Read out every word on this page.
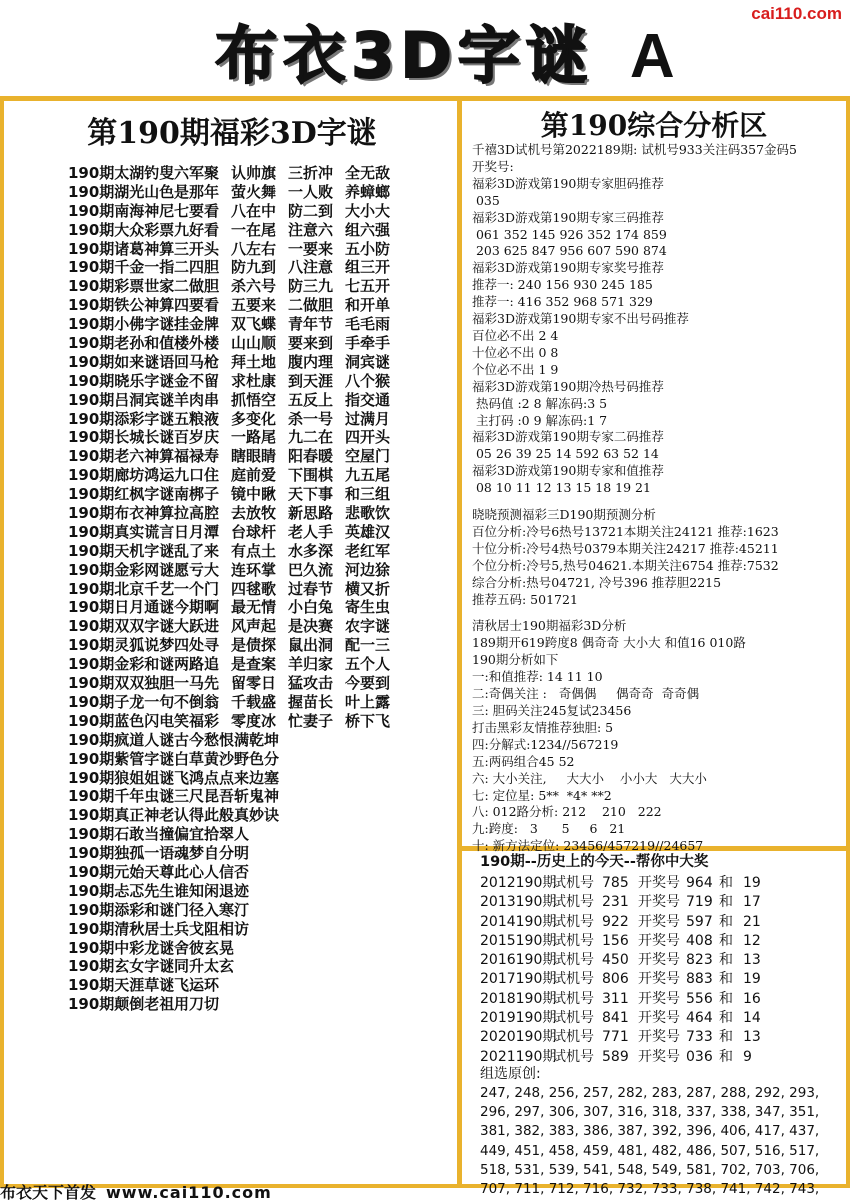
cai110.com
布衣3D字谜 A
第190期福彩3D字谜	第190综合分析区
190期太湖钓叟六军聚 认帅旗 三折冲 全无敌
190期湖光山色是那年 萤火舞 一人败 养蟑螂
190期南海神尼七要看 八在中 防二到 大小大
190期大众彩票九好看 一在尾 注意六 组六强
190期诸葛神算三开头 八左右 一要来 五小防
190期千金一指二四胆 防九到 八注意 组三开
190期彩票世家二做胆 杀六号 防三九 七五开
190期铁公神算四要看 五要来 二做胆 和开单
190期小佛字谜挂金牌 双飞蝶 青年节 毛毛雨
190期老孙和值楼外楼 山山顺 要来到 手牵手
190期如来谜语回马枪 拜土地 腹内理 洞宾谜
190期晓乐字谜金不留 求杜康 到天涯 八个猴
190期吕洞宾谜羊肉串 抓悟空 五反上 指交通
190期添彩字谜五粮液 多变化 杀一号 过满月
190期长城长谜百岁庆 一路尾 九二在 四开头
190期老六神算福禄寿 瞎眼睛 阳春暖 空屋门
190期廊坊鸿运九口住 庭前爱 下围棋 九五尾
190期红枫字谜南梆子 镜中瞅 天下事 和三组
190期布衣神算拉高腔 去放牧 新思路 悲歌饮
190期真实谎言日月潭 台球杆 老人手 英雄汉
190期天机字谜乱了来 有点土 水多深 老红军
190期金彩网谜愿亏大 连环掌 巴久流 河边狳
190期北京千艺一个门 四毬歌 过春节 横又折
190期日月通谜今期啊 最无情 小白兔 寄生虫
190期双双字谜大跃进 风声起 是决赛 农字谜
190期灵狐说梦四处寻 是债探 鼠出洞 配一三
190期金彩和谜两路追 是查案 羊归家 五个人
190期双双独胆一马先 留零日 猛攻击 今要到
190期子龙一句不倒翁 千载盛 握苗长 叶上露
190期蓝色闪电笑福彩 零度冰 忙妻子 桥下飞
190期疯道人谜古今愁恨满乾坤
190期紫管字谜白草黄沙野色分
190期狼姐姐谜飞鸿点点来边塞
190期千年虫谜三尺昆吾斩鬼神
190期真正神老认得此般真妙诀
190期石敢当撞偏宜拾翠人
190期独孤一语魂梦自分明
190期元始天尊此心人信否
190期忐忑先生谁知闲退迹
190期添彩和谜门径入寒汀
190期清秋居士兵戈阻相访
190期中彩龙谜舍彼玄晃
190期玄女字谜同升太玄
190期天涯草谜飞运环
190期颠倒老祖用刀切
千禧3D试机号第2022189期: 试机号933关注码357金码5
开奖号:
福彩3D游戏第190期专家胆码推荐
035
福彩3D游戏第190期专家三码推荐
061 352 145 926 352 174 859
203 625 847 956 607 590 874
福彩3D游戏第190期专家奖号推荐
推荐一: 240 156 930 245 185
推荐一: 416 352 968 571 329
福彩3D游戏第190期专家不出号码推荐
百位必不出 2 4
十位必不出 0 8
个位必不出 1 9
福彩3D游戏第190期冷热号码推荐
热码值 :2 8 解冻码:3 5
主打码 :0 9 解冻码:1 7
福彩3D游戏第190期专家二码推荐
05 26 39 25 14 592 63 52 14
福彩3D游戏第190期专家和值推荐
08 10 11 12 13 15 18 19 21
晓晓预测福彩三D190期预测分析
百位分析:冷号6热号13721本期关注24121 推荐:1623
十位分析:冷号4热号0379本期关注24217 推荐:45211
个位分析:冷号5,热号04621.本期关注6754 推荐:7532
综合分析:热号04721, 冷号396 推荐胆2215
推荐五码: 501721
清秋居士190期福彩3D分析
189期开619跨度8 偶奇奇 大小大 和值16 010路
190期分析如下
一:和值推荐: 14 11 10
二:奇偶关注 :   奇偶偶     偶奇奇  奇奇偶
三: 胆码关注245复试23456
打击黑彩友情推荐独胆: 5
四:分解式:1234//567219
五:两码组合45 52
六: 大小关注,     大大小    小小大   大大小
七: 定位星: 5**  *4* **2
八: 012路分析: 212    210   222
九:跨度:   3      5     6   21
十: 新方法定位: 23456/457219//24657
190期--历史上的今天--帮你中大奖
2012190期试机号 785 开奖号 964 和 19
2013190期试机号 231 开奖号 719 和 17
2014190期试机号 922 开奖号 597 和 21
2015190期试机号 156 开奖号 408 和 12
2016190期试机号 450 开奖号 823 和 13
2017190期试机号 806 开奖号 883 和 19
2018190期试机号 311 开奖号 556 和 16
2019190期试机号 841 开奖号 464 和 14
2020190期试机号 771 开奖号 733 和 13
2021190期试机号 589 开奖号 036 和 9
组选原创:
247, 248, 256, 257, 282, 283, 287, 288, 292, 293, 296, 297, 306, 307, 316, 318, 337, 338, 347, 351, 381, 382, 383, 386, 387, 392, 396, 406, 417, 437, 449, 451, 458, 459, 481, 482, 486, 507, 516, 517, 518, 531, 539, 541, 548, 549, 581, 702, 703, 706, 707, 711, 712, 716, 732, 733, 738, 741, 742, 743,
布衣天下首发 www.cai110.com
